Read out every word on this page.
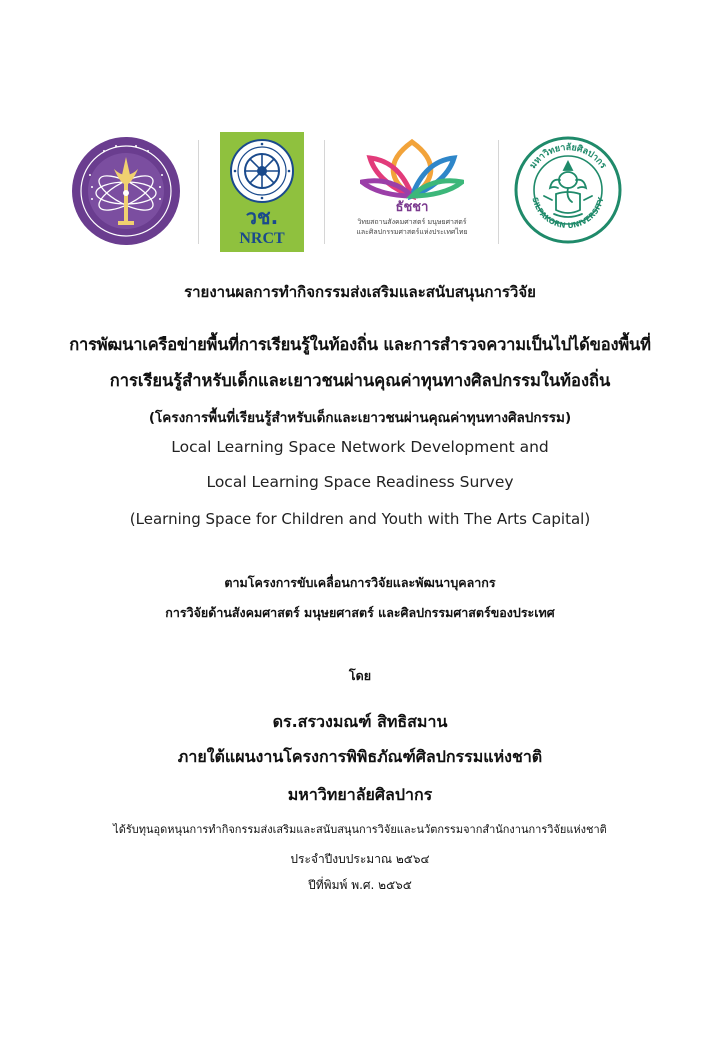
วช.
NRCT
ธัชชา
วิทยสถานสังคมศาสตร์ มนุษยศาสตร์
และศิลปกรรมศาสตร์แห่งประเทศไทย
มหาวิทยาลัยศิลปากร
SILPAKORN UNIVERSITY
รายงานผลการทำกิจกรรมส่งเสริมและสนับสนุนการวิจัย
การพัฒนาเครือข่ายพื้นที่การเรียนรู้ในท้องถิ่น และการสำรวจความเป็นไปได้ของพื้นที่
การเรียนรู้สำหรับเด็กและเยาวชนผ่านคุณค่าทุนทางศิลปกรรมในท้องถิ่น
(โครงการพื้นที่เรียนรู้สำหรับเด็กและเยาวชนผ่านคุณค่าทุนทางศิลปกรรม)
Local Learning Space Network Development and
Local Learning Space Readiness Survey
(Learning Space for Children and Youth with The Arts Capital)
ตามโครงการขับเคลื่อนการวิจัยและพัฒนาบุคลากร
การวิจัยด้านสังคมศาสตร์ มนุษยศาสตร์ และศิลปกรรมศาสตร์ของประเทศ
โดย
ดร.สรวงมณฑ์ สิทธิสมาน
ภายใต้แผนงานโครงการพิพิธภัณฑ์ศิลปกรรมแห่งชาติ
มหาวิทยาลัยศิลปากร
ได้รับทุนอุดหนุนการทำกิจกรรมส่งเสริมและสนับสนุนการวิจัยและนวัตกรรมจากสำนักงานการวิจัยแห่งชาติ
ประจำปีงบประมาณ ๒๕๖๔
ปีที่พิมพ์ พ.ศ. ๒๕๖๕
